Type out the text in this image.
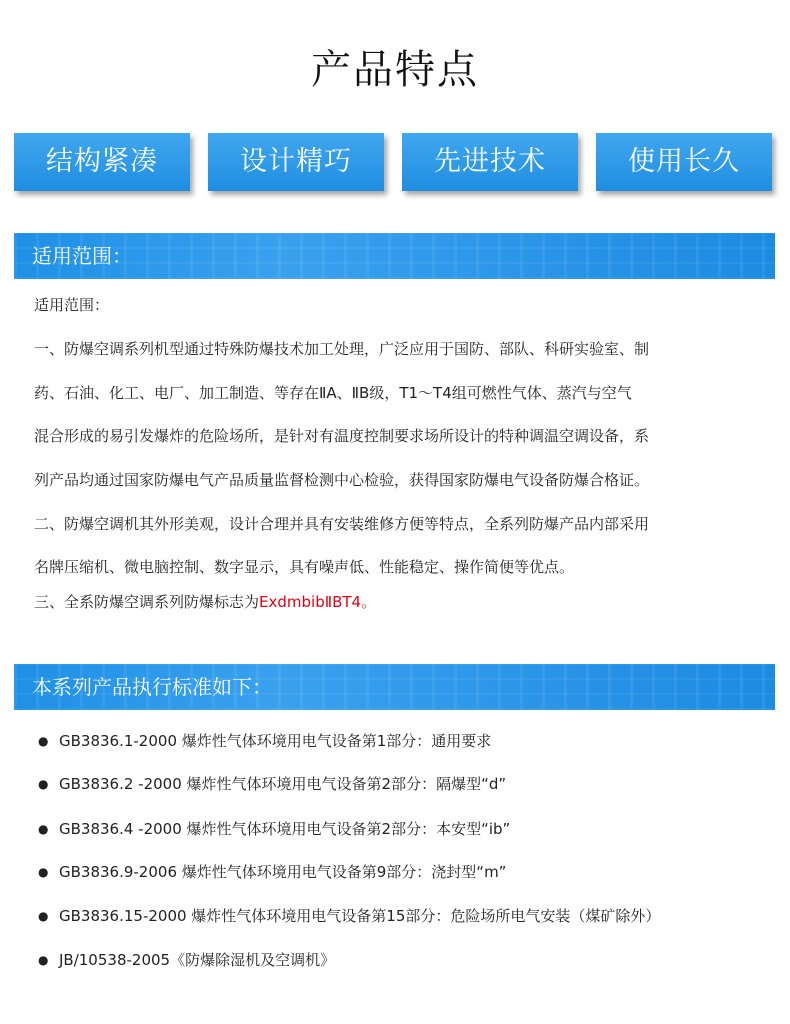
产品特点
结构紧凑	设计精巧	先进技术	使用长久
适用范围：
适用范围：
一、防爆空调系列机型通过特殊防爆技术加工处理，广泛应用于国防、部队、科研实验室、制
药、石油、化工、电厂、加工制造、等存在ⅡA、ⅡB级，T1～T4组可燃性气体、蒸汽与空气
混合形成的易引发爆炸的危险场所，是针对有温度控制要求场所设计的特种调温空调设备，系
列产品均通过国家防爆电气产品质量监督检测中心检验，获得国家防爆电气设备防爆合格证。
二、防爆空调机其外形美观，设计合理并具有安装维修方便等特点，全系列防爆产品内部采用
名牌压缩机、微电脑控制、数字显示，具有噪声低、性能稳定、操作简便等优点。
三、全系防爆空调系列防爆标志为ExdmbibⅡBT4。
本系列产品执行标准如下：
● GB3836.1-2000 爆炸性气体环境用电气设备第1部分：通用要求
● GB3836.2 -2000 爆炸性气体环境用电气设备第2部分：隔爆型“d”
● GB3836.4 -2000 爆炸性气体环境用电气设备第2部分：本安型“ib”
● GB3836.9-2006 爆炸性气体环境用电气设备第9部分：浇封型“m”
● GB3836.15-2000 爆炸性气体环境用电气设备第15部分：危险场所电气安装（煤矿除外）
● JB/10538-2005《防爆除湿机及空调机》
